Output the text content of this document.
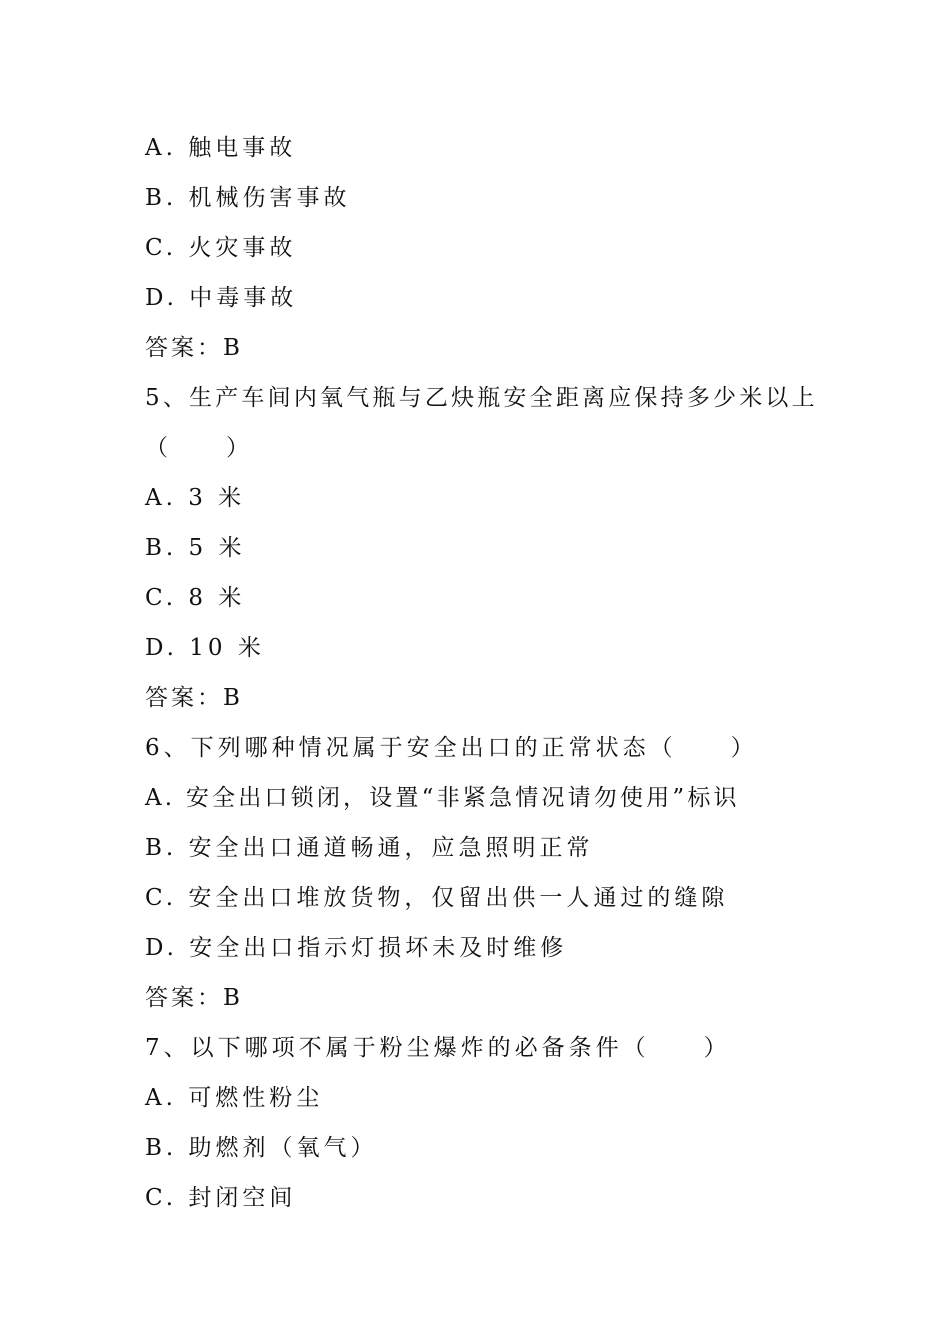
A. 触电事故
B. 机械伤害事故
C. 火灾事故
D. 中毒事故
答案：B
5、生产车间内氧气瓶与乙炔瓶安全距离应保持多少米以上
（　　）
A. 3 米
B. 5 米
C. 8 米
D. 10 米
答案：B
6、下列哪种情况属于安全出口的正常状态（　　）
A. 安全出口锁闭，设置“非紧急情况请勿使用”标识
B. 安全出口通道畅通，应急照明正常
C. 安全出口堆放货物，仅留出供一人通过的缝隙
D. 安全出口指示灯损坏未及时维修
答案：B
7、以下哪项不属于粉尘爆炸的必备条件（　　）
A. 可燃性粉尘
B. 助燃剂（氧气）
C. 封闭空间
